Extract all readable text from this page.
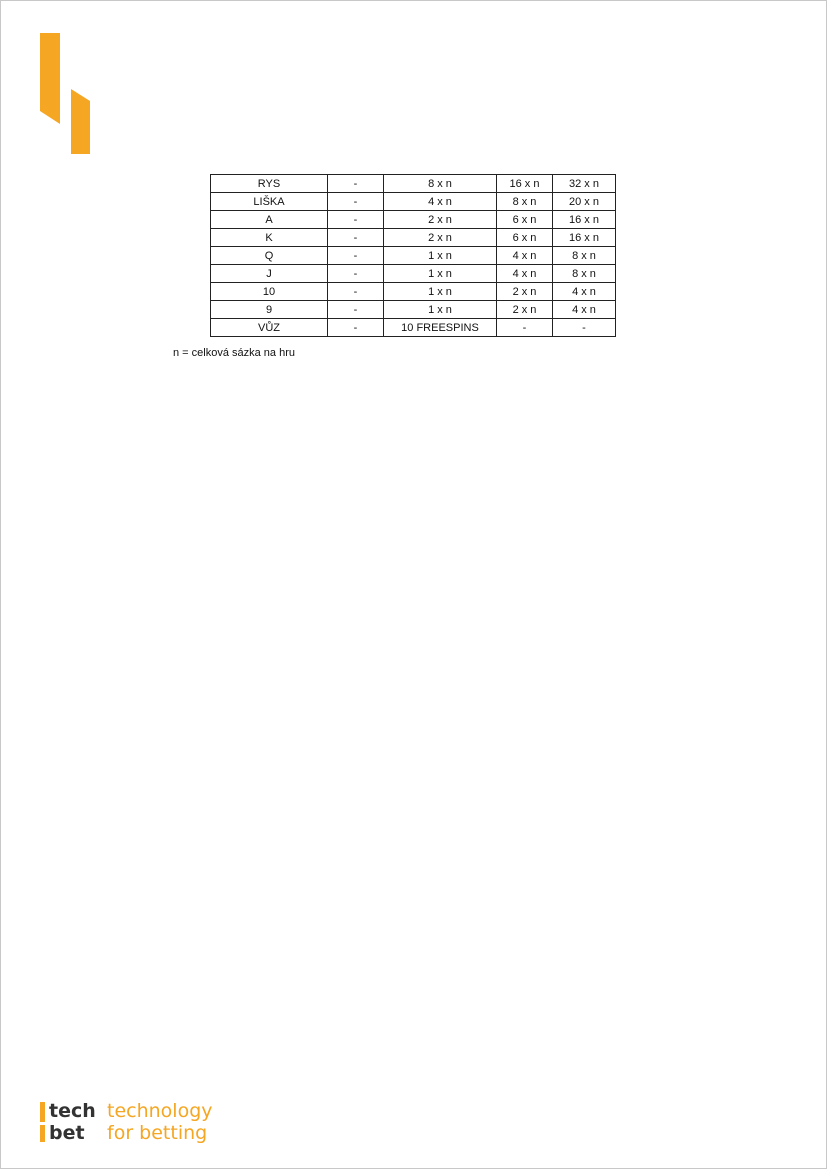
RYS	-	8 x n	16 x n	32 x n
LIŠKA	-	4 x n	8 x n	20 x n
A	-	2 x n	6 x n	16 x n
K	-	2 x n	6 x n	16 x n
Q	-	1 x n	4 x n	8 x n
J	-	1 x n	4 x n	8 x n
10	-	1 x n	2 x n	4 x n
9	-	1 x n	2 x n	4 x n
VŮZ	-	10 FREESPINS	-	-
n = celková sázka na hru
tech
bet
technology
for betting
